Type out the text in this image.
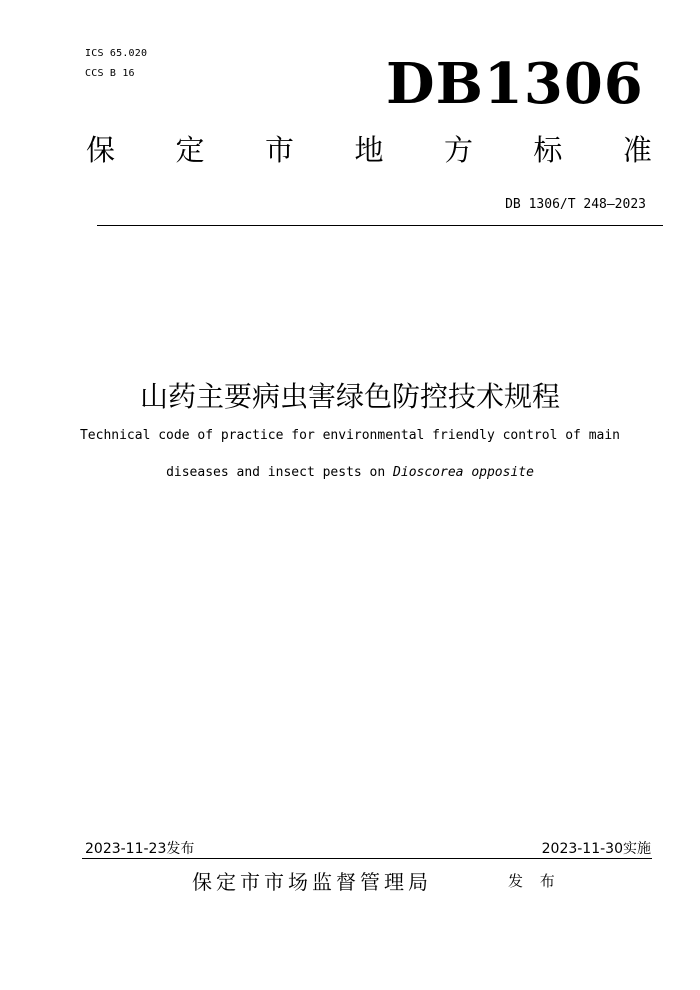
ICS 65.020
CCS B 16	DB1306
保 定 市 地 方 标 准
DB 1306/T 248—2023
山药主要病虫害绿色防控技术规程
Technical code of practice for environmental friendly control of main
diseases and insect pests on Dioscorea opposite
2023-11-23发布	2023-11-30实施
保定市市场监督管理局	发 布
